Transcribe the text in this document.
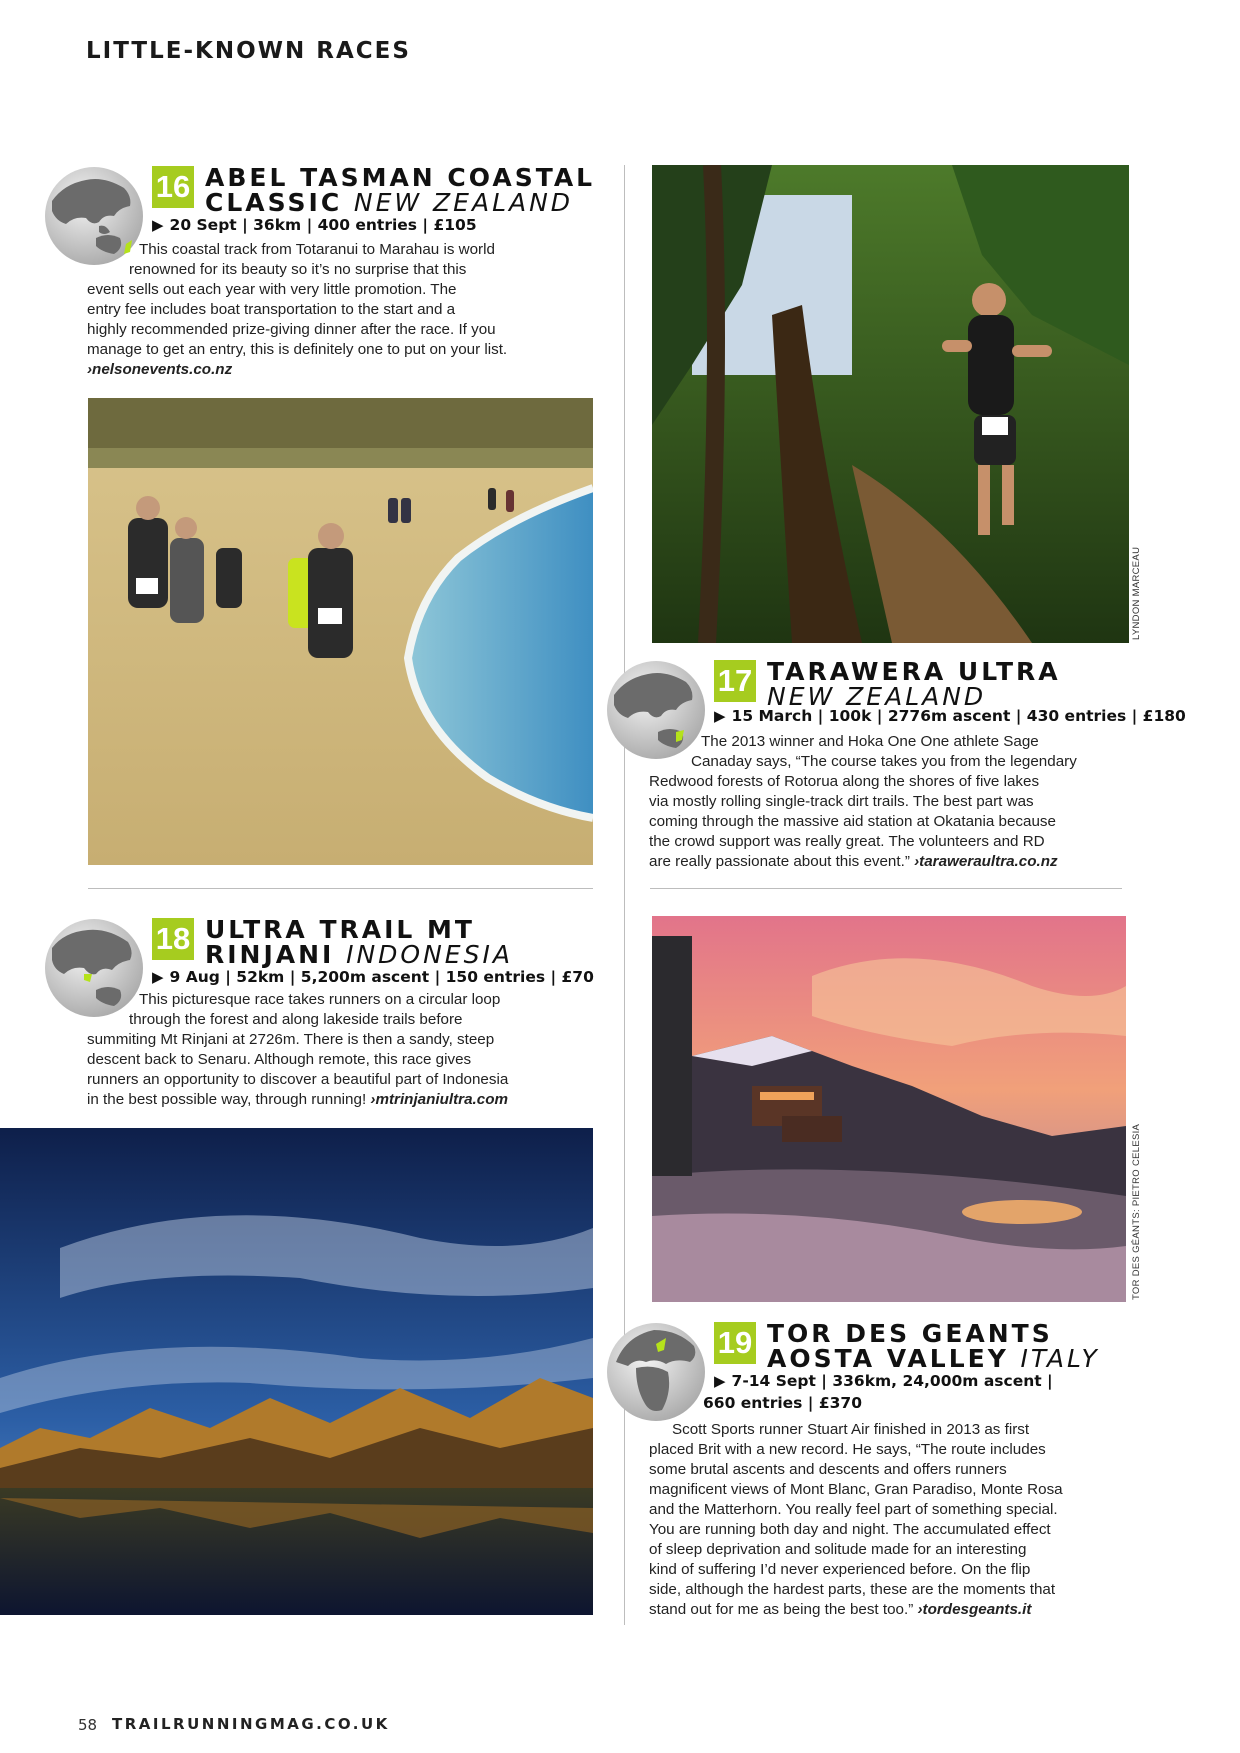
LITTLE-KNOWN RACES
16 ABEL TASMAN COASTAL
CLASSIC NEW ZEALAND
▶ 20 Sept | 36km | 400 entries | £105

This coastal track from Totaranui to Marahau is world

renowned for its beauty so it’s no surprise that this

event sells out each year with very little promotion. The

entry fee includes boat transportation to the start and a

highly recommended prize-giving dinner after the race. If you

manage to get an entry, this is definitely one to put on your list.

›nelsonevents.co.nz

18 ULTRA TRAIL MT
RINJANI INDONESIA
▶ 9 Aug | 52km | 5,200m ascent | 150 entries | £70

This picturesque race takes runners on a circular loop

through the forest and along lakeside trails before

summiting Mt Rinjani at 2726m. There is then a sandy, steep

descent back to Senaru. Although remote, this race gives

runners an opportunity to discover a beautiful part of Indonesia

in the best possible way, through running! ›mtrinjaniultra.com

LYNDON MARCEAU
17 TARAWERA ULTRA
NEW ZEALAND
▶ 15 March | 100k | 2776m ascent | 430 entries | £180

The 2013 winner and Hoka One One athlete Sage

Canaday says, “The course takes you from the legendary

Redwood forests of Rotorua along the shores of five lakes

via mostly rolling single-track dirt trails. The best part was

coming through the massive aid station at Okatania because

the crowd support was really great. The volunteers and RD

are really passionate about this event.” ›taraweraultra.co.nz

TOR DES GÉANTS: PIETRO CELESIA
19 TOR DES GEANTS
AOSTA VALLEY ITALY
▶ 7-14 Sept | 336km, 24,000m ascent |
660 entries | £370

Scott Sports runner Stuart Air finished in 2013 as first

placed Brit with a new record. He says, “The route includes

some brutal ascents and descents and offers runners

magnificent views of Mont Blanc, Gran Paradiso, Monte Rosa

and the Matterhorn. You really feel part of something special.

You are running both day and night. The accumulated effect

of sleep deprivation and solitude made for an interesting

kind of suffering I’d never experienced before. On the flip

side, although the hardest parts, these are the moments that

stand out for me as being the best too.” ›tordesgeants.it

58 TRAILRUNNINGMAG.CO.UK
